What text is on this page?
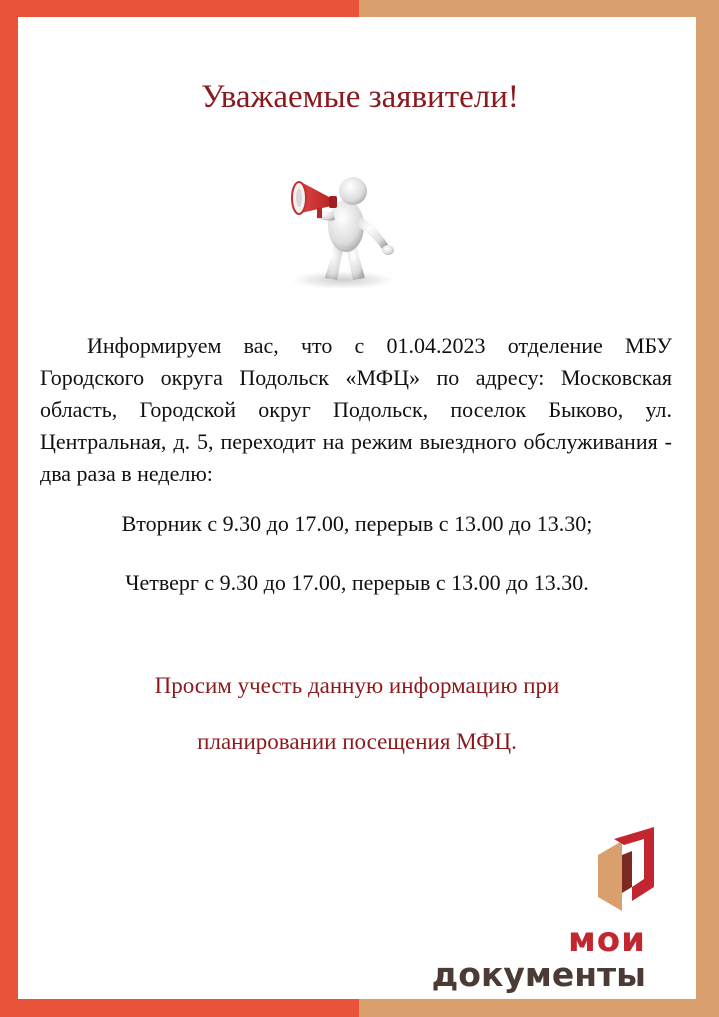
Уважаемые заявители!

Информируем вас, что с 01.04.2023 отделение МБУ Городского округа Подольск «МФЦ» по адресу: Московская область, Городской округ Подольск, поселок Быково, ул. Центральная, д. 5, переходит на режим выездного обслуживания - два раза в неделю:

Вторник с 9.30 до 17.00, перерыв с 13.00 до 13.30;
Четверг с 9.30 до 17.00, перерыв с 13.00 до 13.30.
Просим учесть данную информацию при
планировании посещения МФЦ.
мои
документы
